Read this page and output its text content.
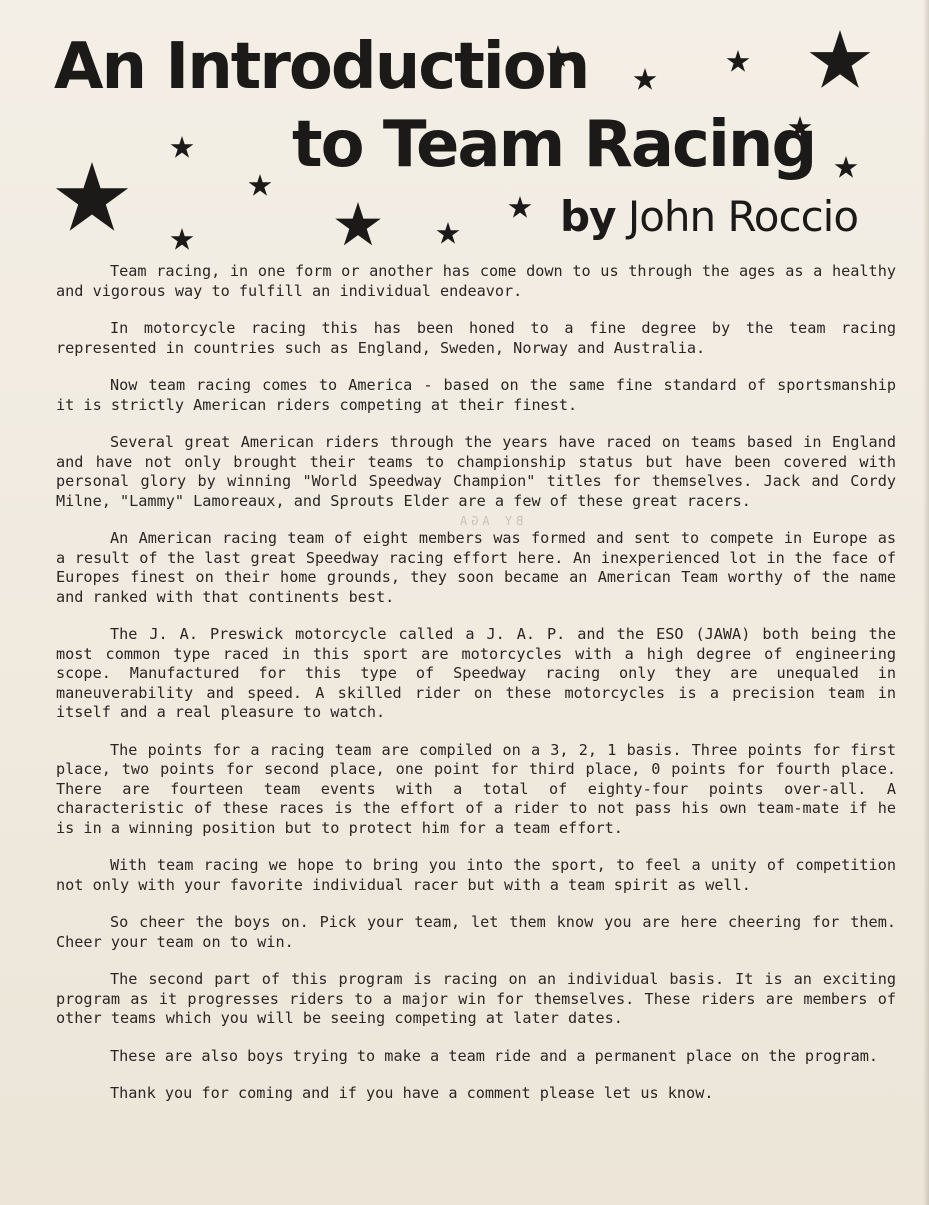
An Introduction
to Team Racing
by John Roccio
BY AGA

Team racing, in one form or another has come down to us through the ages as a healthy and vigorous way to fulfill an individual endeavor.

In motorcycle racing this has been honed to a fine degree by the team racing represented in countries such as England, Sweden, Norway and Australia.

Now team racing comes to America - based on the same fine standard of sportsmanship it is strictly American riders competing at their finest.

Several great American riders through the years have raced on teams based in England and have not only brought their teams to championship status but have been covered with personal glory by winning "World Speedway Champion" titles for themselves. Jack and Cordy Milne, "Lammy" Lamoreaux, and Sprouts Elder are a few of these great racers.

An American racing team of eight members was formed and sent to compete in Europe as a result of the last great Speedway racing effort here. An inexperienced lot in the face of Europes finest on their home grounds, they soon became an American Team worthy of the name and ranked with that continents best.

The J. A. Preswick motorcycle called a J. A. P. and the ESO (JAWA) both being the most common type raced in this sport are motorcycles with a high degree of engineering scope. Manufactured for this type of Speedway racing only they are unequaled in maneuverability and speed. A skilled rider on these motorcycles is a precision team in itself and a real pleasure to watch.

The points for a racing team are compiled on a 3, 2, 1 basis. Three points for first place, two points for second place, one point for third place, 0 points for fourth place. There are fourteen team events with a total of eighty-four points over-all. A characteristic of these races is the effort of a rider to not pass his own team-mate if he is in a winning position but to protect him for a team effort.

With team racing we hope to bring you into the sport, to feel a unity of competition not only with your favorite individual racer but with a team spirit as well.

So cheer the boys on. Pick your team, let them know you are here cheering for them. Cheer your team on to win.

The second part of this program is racing on an individual basis. It is an exciting program as it progresses riders to a major win for themselves. These riders are members of other teams which you will be seeing competing at later dates.

These are also boys trying to make a team ride and a permanent place on the program.

Thank you for coming and if you have a comment please let us know.
